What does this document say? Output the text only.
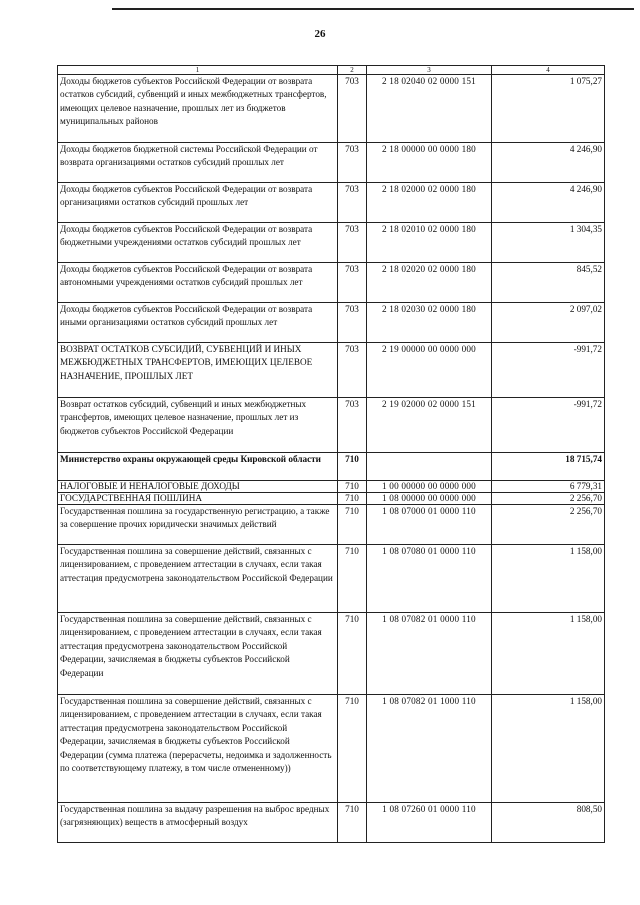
26
1	2	3	4
Доходы бюджетов субъектов Российской Федерации от возврата остатков субсидий, субвенций и иных межбюджетных трансфертов, имеющих целевое назначение, прошлых лет из бюджетов муниципальных районов	703	2 18 02040 02 0000 151	1 075,27
Доходы бюджетов бюджетной системы Российской Федерации от возврата организациями остатков субсидий прошлых лет	703	2 18 00000 00 0000 180	4 246,90
Доходы бюджетов субъектов Российской Федерации от возврата организациями остатков субсидий прошлых лет	703	2 18 02000 02 0000 180	4 246,90
Доходы бюджетов субъектов Российской Федерации от возврата бюджетными учреждениями остатков субсидий прошлых лет	703	2 18 02010 02 0000 180	1 304,35
Доходы бюджетов субъектов Российской Федерации от возврата автономными учреждениями остатков субсидий прошлых лет	703	2 18 02020 02 0000 180	845,52
Доходы бюджетов субъектов Российской Федерации от возврата иными организациями остатков субсидий прошлых лет	703	2 18 02030 02 0000 180	2 097,02
ВОЗВРАТ ОСТАТКОВ СУБСИДИЙ, СУБВЕНЦИЙ И ИНЫХ МЕЖБЮДЖЕТНЫХ ТРАНСФЕРТОВ, ИМЕЮЩИХ ЦЕЛЕВОЕ НАЗНАЧЕНИЕ, ПРОШЛЫХ ЛЕТ	703	2 19 00000 00 0000 000	-991,72
Возврат остатков субсидий, субвенций и иных межбюджетных трансфертов, имеющих целевое назначение, прошлых лет из бюджетов субъектов Российской Федерации	703	2 19 02000 02 0000 151	-991,72
Министерство охраны окружающей среды Кировской области	710		18 715,74
НАЛОГОВЫЕ И НЕНАЛОГОВЫЕ ДОХОДЫ	710	1 00 00000 00 0000 000	6 779,31
ГОСУДАРСТВЕННАЯ ПОШЛИНА	710	1 08 00000 00 0000 000	2 256,70
Государственная пошлина за государственную регистрацию, а также за совершение прочих юридически значимых действий	710	1 08 07000 01 0000 110	2 256,70
Государственная пошлина за совершение действий, связанных с лицензированием, с проведением аттестации в случаях, если такая аттестация предусмотрена законодательством Российской Федерации	710	1 08 07080 01 0000 110	1 158,00
Государственная пошлина за совершение действий, связанных с лицензированием, с проведением аттестации в случаях, если такая аттестация предусмотрена законодательством Российской Федерации, зачисляемая в бюджеты субъектов Российской Федерации	710	1 08 07082 01 0000 110	1 158,00
Государственная пошлина за совершение действий, связанных с лицензированием, с проведением аттестации в случаях, если такая аттестация предусмотрена законодательством Российской Федерации, зачисляемая в бюджеты субъектов Российской Федерации (сумма платежа (перерасчеты, недоимка и задолженность по соответствующему платежу, в том числе отмененному))	710	1 08 07082 01 1000 110	1 158,00
Государственная пошлина за выдачу разрешения на выброс вредных (загрязняющих) веществ в атмосферный воздух	710	1 08 07260 01 0000 110	808,50
